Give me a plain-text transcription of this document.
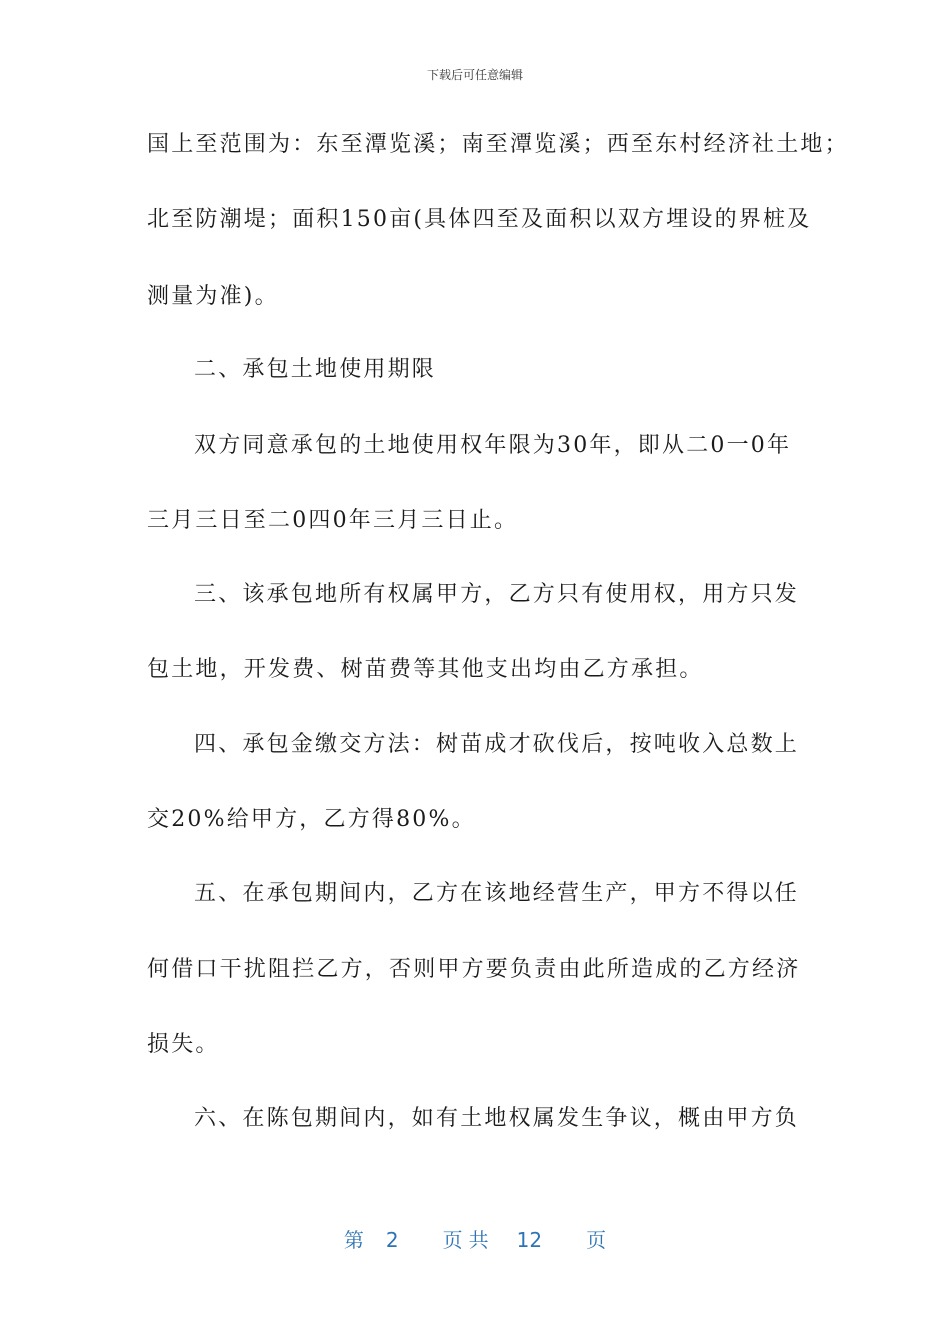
下载后可任意编辑
国上至范围为：东至潭览溪；南至潭览溪；西至东村经济社土地；
北至防潮堤；面积150亩(具体四至及面积以双方埋设的界桩及
测量为准)。
二、承包土地使用期限
双方同意承包的土地使用权年限为30年，即从二0一0年
三月三日至二0四0年三月三日止。
三、该承包地所有权属甲方，乙方只有使用权，用方只发
包土地，开发费、树苗费等其他支出均由乙方承担。
四、承包金缴交方法：树苗成才砍伐后，按吨收入总数上
交20%给甲方，乙方得80%。
五、在承包期间内，乙方在该地经营生产，甲方不得以任
何借口干扰阻拦乙方，否则甲方要负责由此所造成的乙方经济
损失。
六、在陈包期间内，如有土地权属发生争议，概由甲方负
第 2 页共 12 页
